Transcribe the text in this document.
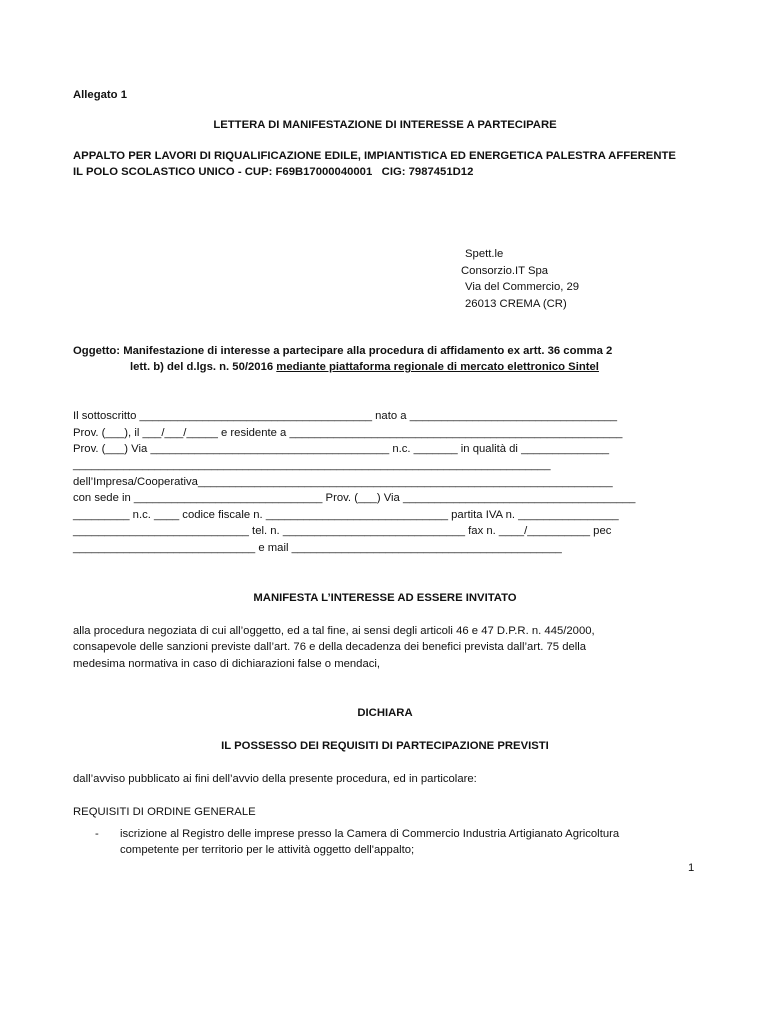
Allegato 1
LETTERA DI MANIFESTAZIONE DI INTERESSE A PARTECIPARE
APPALTO PER LAVORI DI RIQUALIFICAZIONE EDILE, IMPIANTISTICA ED ENERGETICA PALESTRA AFFERENTE
IL POLO SCOLASTICO UNICO - CUP: F69B17000040001   CIG: 7987451D12
Spett.le
Consorzio.IT Spa
Via del Commercio, 29
26013 CREMA (CR)
Oggetto: Manifestazione di interesse a partecipare alla procedura di affidamento ex artt. 36 comma 2
lett. b) del d.lgs. n. 50/2016 mediante piattaforma regionale di mercato elettronico Sintel
Il sottoscritto _____________________________________ nato a _________________________________
Prov. (___), il ___/___/_____ e residente a _____________________________________________________
Prov. (___) Via ______________________________________ n.c. _______ in qualità di ______________
____________________________________________________________________________
dell’Impresa/Cooperativa__________________________________________________________________
con sede in ______________________________ Prov. (___) Via _____________________________________
_________ n.c. ____ codice fiscale n. _____________________________ partita IVA n. ________________
____________________________ tel. n. _____________________________ fax n. ____/__________ pec
_____________________________ e mail ___________________________________________
MANIFESTA L’INTERESSE AD ESSERE INVITATO
alla procedura negoziata di cui all’oggetto, ed a tal fine, ai sensi degli articoli 46 e 47 D.P.R. n. 445/2000,
consapevole delle sanzioni previste dall’art. 76 e della decadenza dei benefici prevista dall’art. 75 della
medesima normativa in caso di dichiarazioni false o mendaci,
DICHIARA
IL POSSESSO DEI REQUISITI DI PARTECIPAZIONE PREVISTI
dall’avviso pubblicato ai fini dell’avvio della presente procedura, ed in particolare:
REQUISITI DI ORDINE GENERALE
- iscrizione al Registro delle imprese presso la Camera di Commercio Industria Artigianato Agricoltura
competente per territorio per le attività oggetto dell'appalto;
1
